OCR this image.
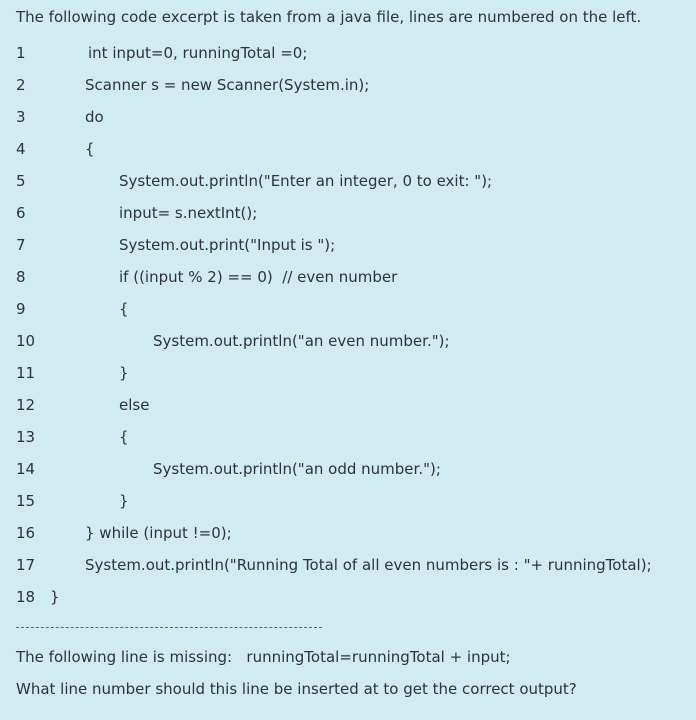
The following code excerpt is taken from a java file, lines are numbered on the left.

1

	int input=0, runningTotal =0;

2

	Scanner s = new Scanner(System.in);

3

	do

4

	{

5

	System.out.println("Enter an integer, 0 to exit: ");

6

	input= s.nextInt();

7

	System.out.print("Input is ");

8

	if ((input % 2) == 0)  // even number

9

	{

10

	System.out.println("an even number.");

11

	}

12

	else

13

	{

14

	System.out.println("an odd number.");

15

	}

16

	} while (input !=0);

17

	System.out.println("Running Total of all even numbers is : "+ runningTotal);

18

}

The following line is missing:   runningTotal=runningTotal + input;
What line number should this line be inserted at to get the correct output?
